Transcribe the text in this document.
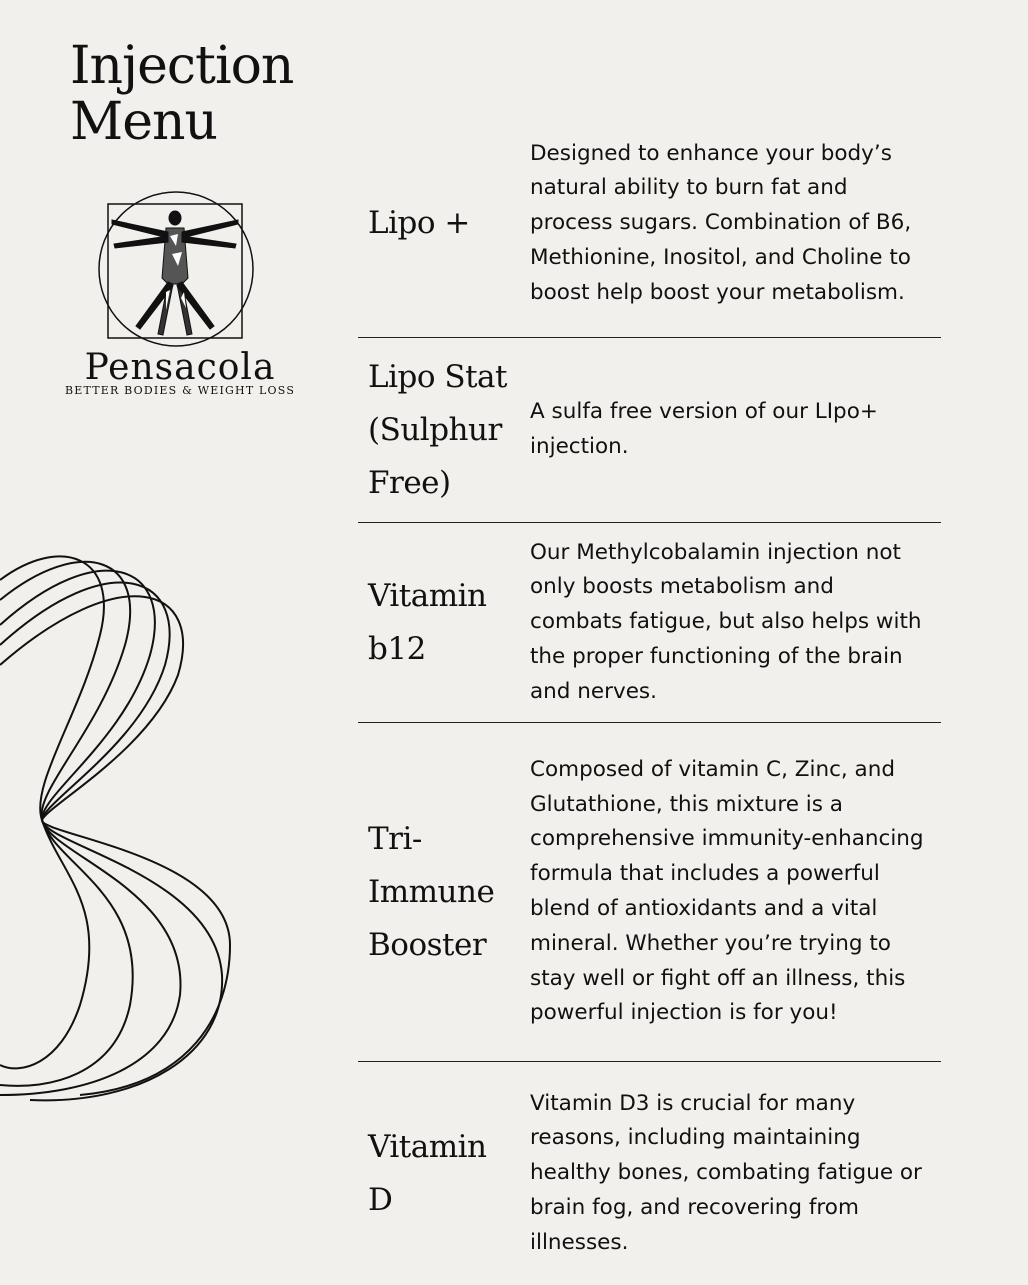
Injection
Menu
Pensacola
BETTER BODIES & WEIGHT LOSS
Lipo +
Designed to enhance your body’s natural ability to burn fat and process sugars. Combination of B6, Methionine, Inositol, and Choline to boost help boost your metabolism.
Lipo Stat (Sulphur Free)
A sulfa free version of our LIpo+ injection.
Vitamin b12
Our Methylcobalamin injection not only boosts metabolism and combats fatigue, but also helps with the proper functioning of the brain and nerves.
Tri-Immune Booster
Composed of vitamin C, Zinc, and Glutathione, this mixture is a comprehensive immunity-enhancing formula that includes a powerful blend of antioxidants and a vital mineral. Whether you’re trying to stay well or fight off an illness, this powerful injection is for you!
Vitamin D
Vitamin D3 is crucial for many reasons, including maintaining healthy bones, combating fatigue or brain fog, and recovering from illnesses.
